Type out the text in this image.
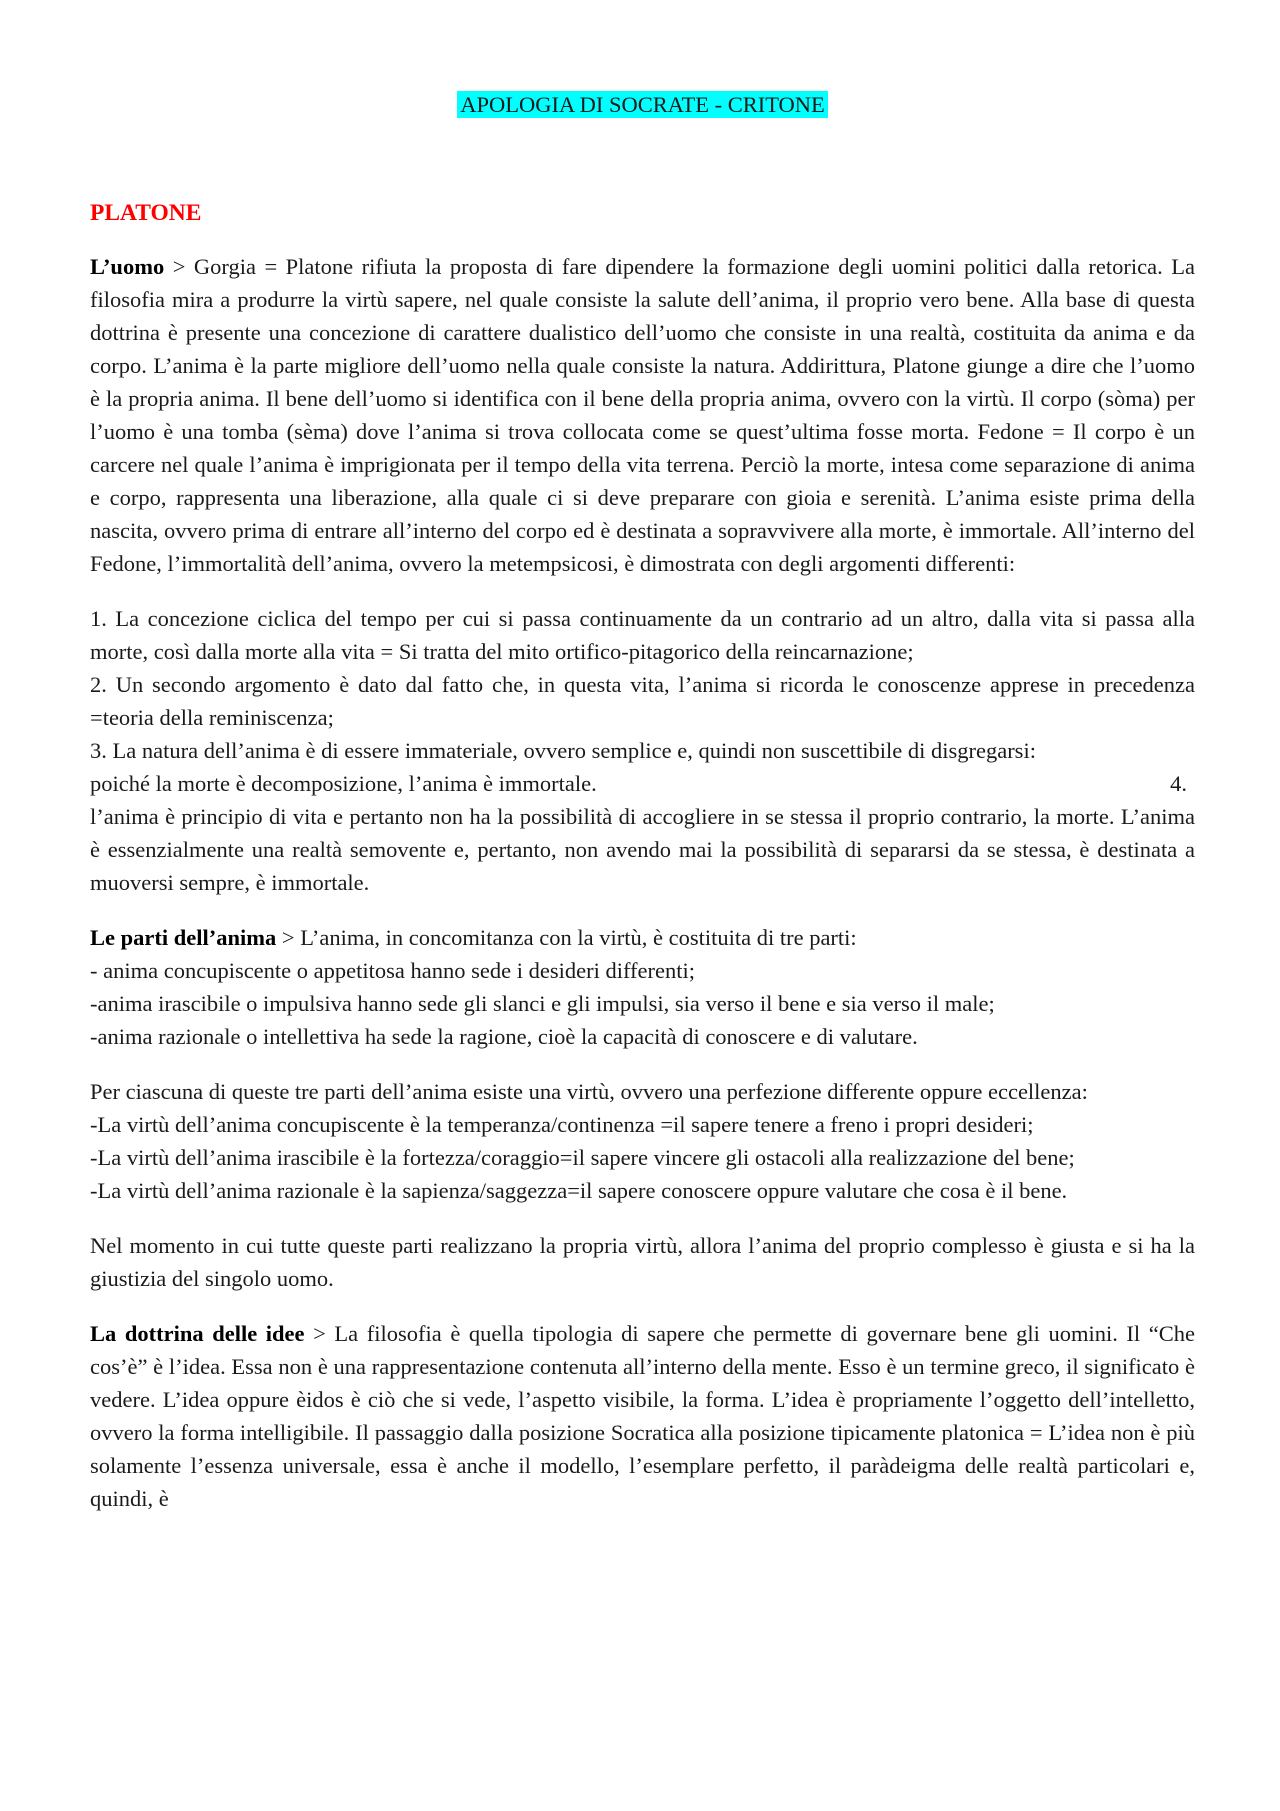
APOLOGIA DI SOCRATE - CRITONE
PLATONE

L’uomo > Gorgia = Platone rifiuta la proposta di fare dipendere la formazione degli uomini politici dalla retorica. La filosofia mira a produrre la virtù sapere, nel quale consiste la salute dell’anima, il proprio vero bene. Alla base di questa dottrina è presente una concezione di carattere dualistico dell’uomo che consiste in una realtà, costituita da anima e da corpo. L’anima è la parte migliore dell’uomo nella quale consiste la natura. Addirittura, Platone giunge a dire che l’uomo è la propria anima. Il bene dell’uomo si identifica con il bene della propria anima, ovvero con la virtù. Il corpo (sòma) per l’uomo è una tomba (sèma) dove l’anima si trova collocata come se quest’ultima fosse morta. Fedone = Il corpo è un carcere nel quale l’anima è imprigionata per il tempo della vita terrena. Perciò la morte, intesa come separazione di anima e corpo, rappresenta una liberazione, alla quale ci si deve preparare con gioia e serenità. L’anima esiste prima della nascita, ovvero prima di entrare all’interno del corpo ed è destinata a sopravvivere alla morte, è immortale. All’interno del Fedone, l’immortalità dell’anima, ovvero la metempsicosi, è dimostrata con degli argomenti differenti:

1. La concezione ciclica del tempo per cui si passa continuamente da un contrario ad un altro, dalla vita si passa alla morte, così dalla morte alla vita = Si tratta del mito ortifico-pitagorico della reincarnazione;
2. Un secondo argomento è dato dal fatto che, in questa vita, l’anima si ricorda le conoscenze apprese in precedenza =teoria della reminiscenza;
3. La natura dell’anima è di essere immateriale, ovvero semplice e, quindi non suscettibile di disgregarsi:
poiché la morte è decomposizione, l’anima è immortale.	4.
l’anima è principio di vita e pertanto non ha la possibilità di accogliere in se stessa il proprio contrario, la morte. L’anima è essenzialmente una realtà semovente e, pertanto, non avendo mai la possibilità di separarsi da se stessa, è destinata a muoversi sempre, è immortale.

Le parti dell’anima > L’anima, in concomitanza con la virtù, è costituita di tre parti:
- anima concupiscente o appetitosa hanno sede i desideri differenti;
-anima irascibile o impulsiva hanno sede gli slanci e gli impulsi, sia verso il bene e sia verso il male;
-anima razionale o intellettiva ha sede la ragione, cioè la capacità di conoscere e di valutare.

Per ciascuna di queste tre parti dell’anima esiste una virtù, ovvero una perfezione differente oppure eccellenza:
-La virtù dell’anima concupiscente è la temperanza/continenza =il sapere tenere a freno i propri desideri;
-La virtù dell’anima irascibile è la fortezza/coraggio=il sapere vincere gli ostacoli alla realizzazione del bene;
-La virtù dell’anima razionale è la sapienza/saggezza=il sapere conoscere oppure valutare che cosa è il bene.

Nel momento in cui tutte queste parti realizzano la propria virtù, allora l’anima del proprio complesso è giusta e si ha la giustizia del singolo uomo.

La dottrina delle idee > La filosofia è quella tipologia di sapere che permette di governare bene gli uomini. Il “Che cos’è” è l’idea. Essa non è una rappresentazione contenuta all’interno della mente. Esso è un termine greco, il significato è vedere. L’idea oppure èidos è ciò che si vede, l’aspetto visibile, la forma. L’idea è propriamente l’oggetto dell’intelletto, ovvero la forma intelligibile. Il passaggio dalla posizione Socratica alla posizione tipicamente platonica = L’idea non è più solamente l’essenza universale, essa è anche il modello, l’esemplare perfetto, il paràdeigma delle realtà particolari e, quindi, è
